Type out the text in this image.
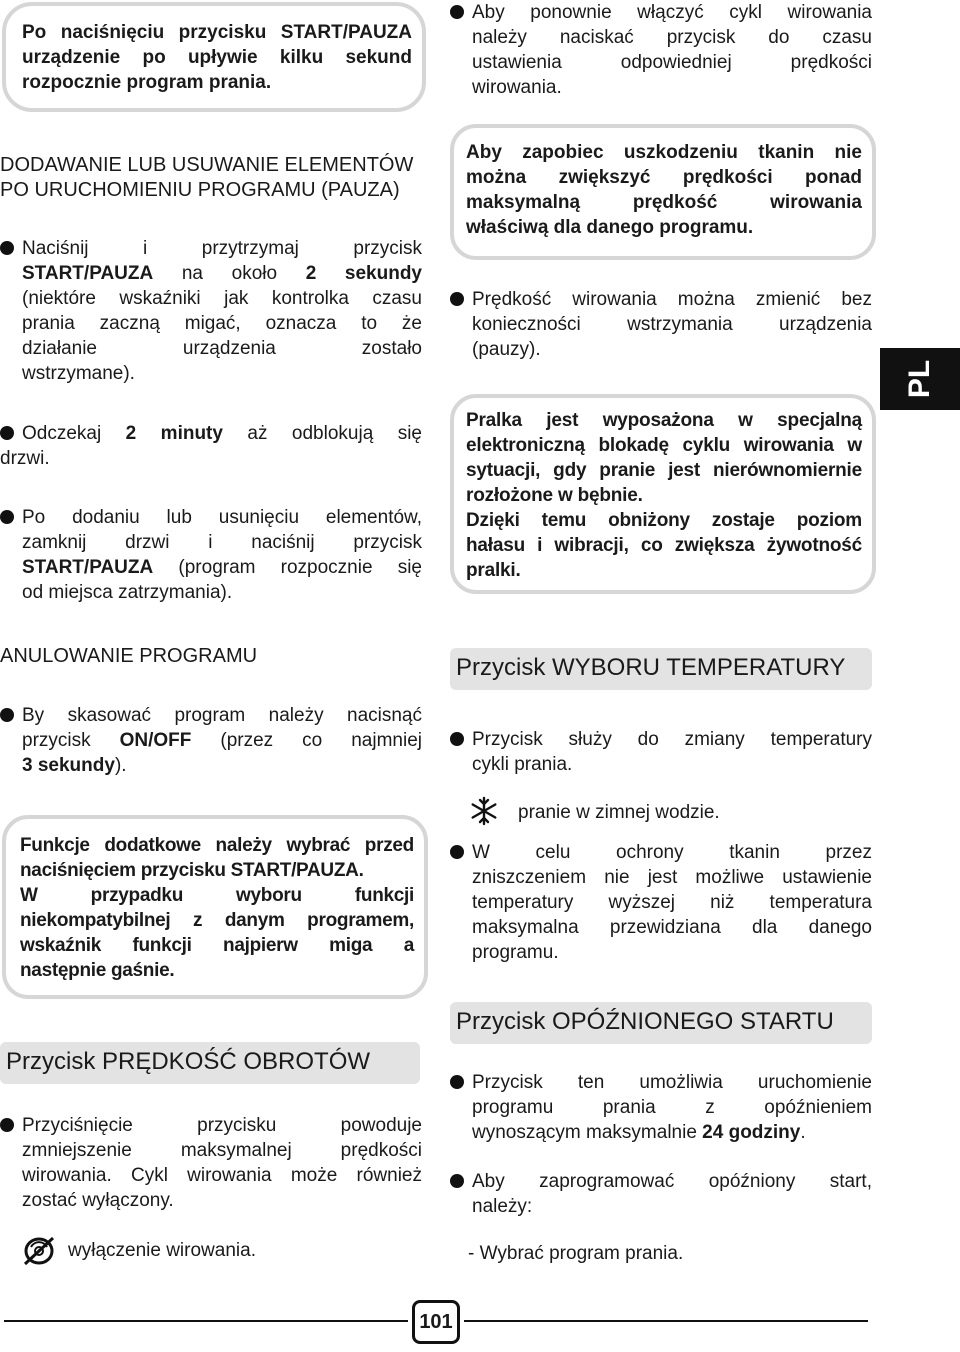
Po naciśnięciu przycisku START/PAUZA
urządzenie po upływie kilku sekund
rozpocznie program prania.
Aby ponownie włączyć cykl wirowania
należy naciskać przycisk do czasu
ustawienia odpowiedniej prędkości
wirowania.
DODAWANIE LUB USUWANIE ELEMENTÓW
PO URUCHOMIENIU PROGRAMU (PAUZA)
Naciśnij i przytrzymaj przycisk
START/PAUZA na około 2 sekundy
(niektóre wskaźniki jak kontrolka czasu
prania zaczną migać, oznacza to że
działanie urządzenia zostało
wstrzymane).
Odczekaj 2 minuty aż odblokują się
drzwi.
Po dodaniu lub usunięciu elementów,
zamknij drzwi i naciśnij przycisk
START/PAUZA (program rozpocznie się
od miejsca zatrzymania).
Aby zapobiec uszkodzeniu tkanin nie
można zwiększyć prędkości ponad
maksymalną prędkość wirowania
właściwą dla danego programu.
Prędkość wirowania można zmienić bez
konieczności wstrzymania urządzenia
(pauzy).
PL
Pralka jest wyposażona w specjalną
elektroniczną blokadę cyklu wirowania w
sytuacji, gdy pranie jest nierównomiernie
rozłożone w bębnie.
Dzięki temu obniżony zostaje poziom
hałasu i wibracji, co zwiększa żywotność
pralki.
ANULOWANIE PROGRAMU
By skasować program należy nacisnąć
przycisk ON/OFF (przez co najmniej
3 sekundy).
Funkcje dodatkowe należy wybrać przed
naciśnięciem przycisku START/PAUZA.
W przypadku wyboru funkcji
niekompatybilnej z danym programem,
wskaźnik funkcji najpierw miga a
następnie gaśnie.
Przycisk PRĘDKOŚĆ OBROTÓW
Przyciśnięcie przycisku powoduje
zmniejszenie maksymalnej prędkości
wirowania. Cykl wirowania może również
zostać wyłączony.
wyłączenie wirowania.
Przycisk WYBORU TEMPERATURY
Przycisk służy do zmiany temperatury
cykli prania.
pranie w zimnej wodzie.
W celu ochrony tkanin przez
zniszczeniem nie jest możliwe ustawienie
temperatury wyższej niż temperatura
maksymalna przewidziana dla danego
programu.
Przycisk OPÓŹNIONEGO STARTU
Przycisk ten umożliwia uruchomienie
programu prania z opóźnieniem
wynoszącym maksymalnie 24 godziny.
Aby zaprogramować opóźniony start,
należy:
- Wybrać program prania.
101
